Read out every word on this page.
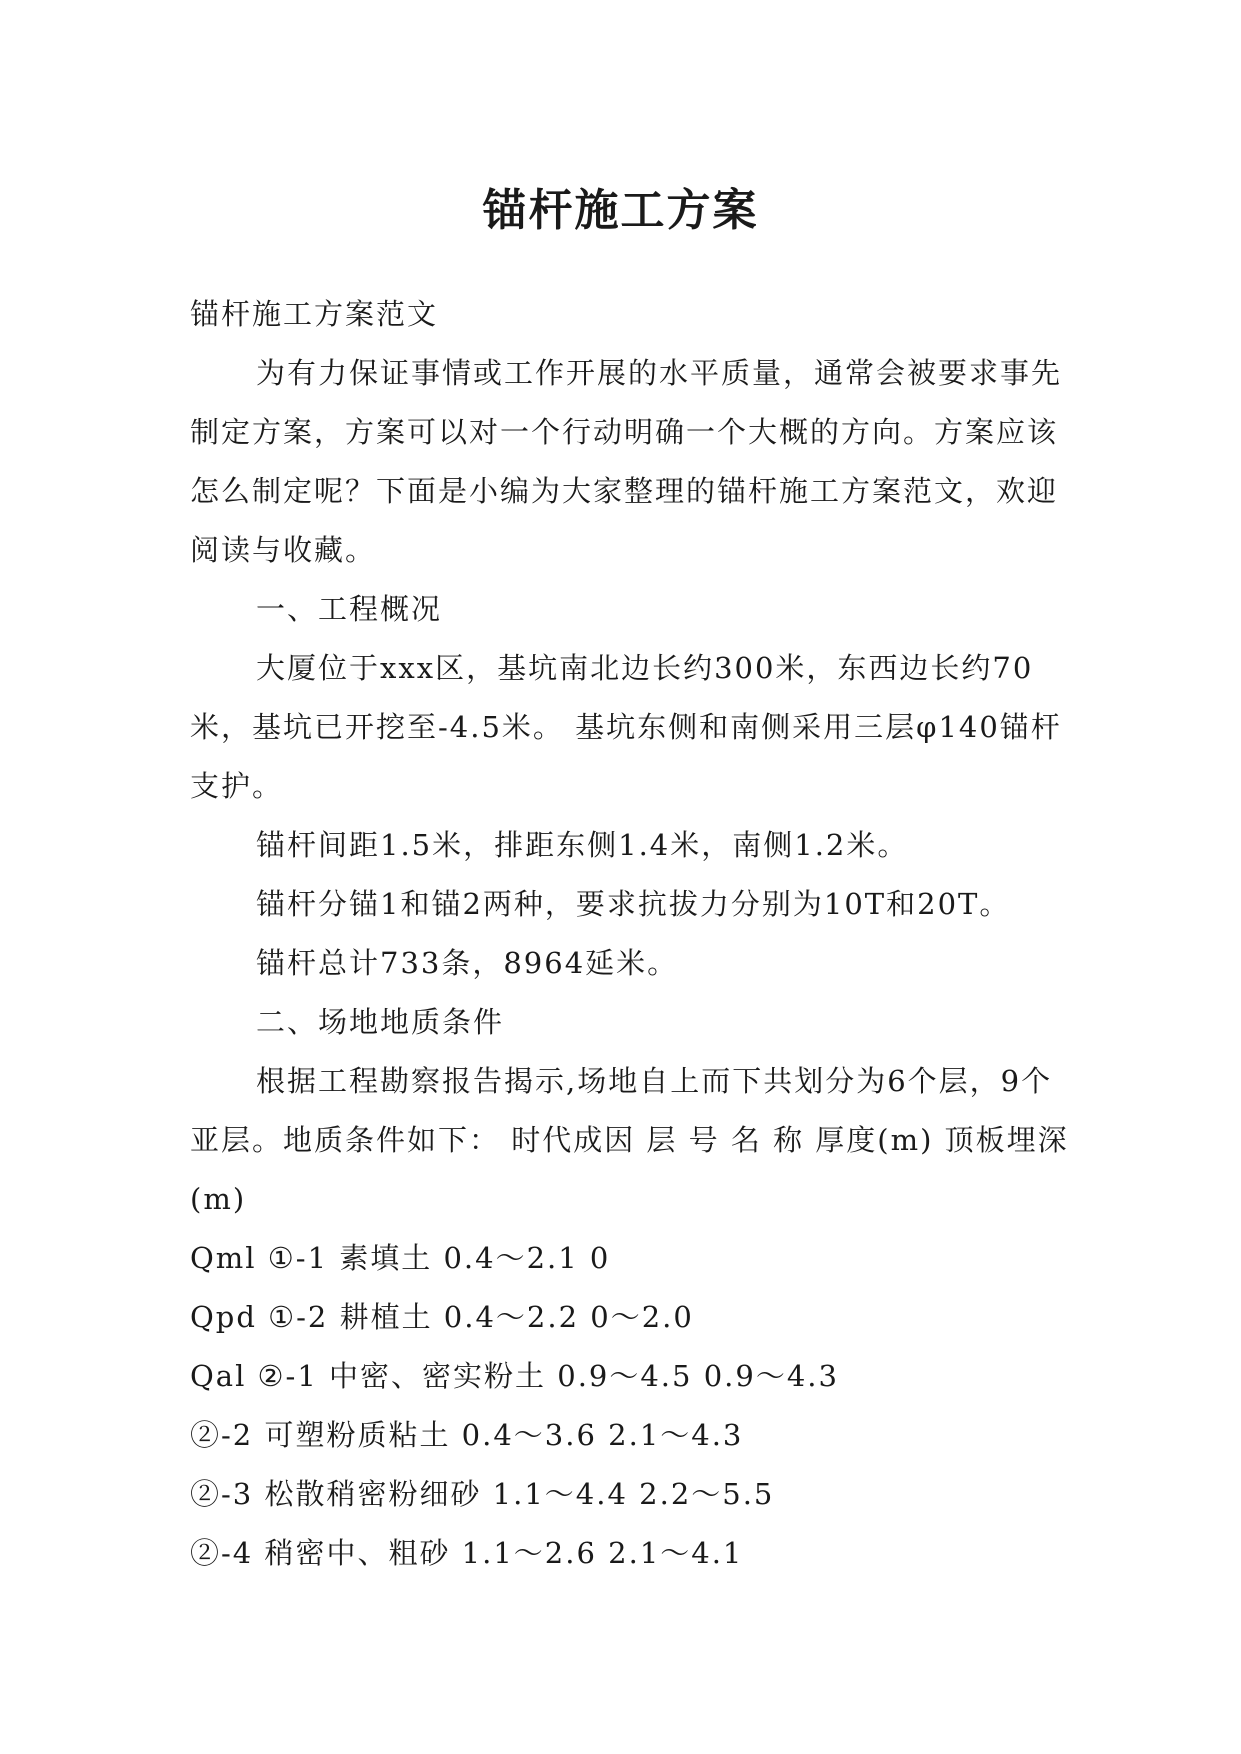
锚杆施工方案

锚杆施工方案范文

为有力保证事情或工作开展的水平质量，通常会被要求事先制定方案，方案可以对一个行动明确一个大概的方向。方案应该怎么制定呢？下面是小编为大家整理的锚杆施工方案范文，欢迎阅读与收藏。

一、工程概况

大厦位于xxx区，基坑南北边长约300米，东西边长约70米，基坑已开挖至-4.5米。 基坑东侧和南侧采用三层φ140锚杆支护。

锚杆间距1.5米，排距东侧1.4米，南侧1.2米。

锚杆分锚1和锚2两种，要求抗拔力分别为10T和20T。

锚杆总计733条，8964延米。

二、场地地质条件

根据工程勘察报告揭示,场地自上而下共划分为6个层，9个亚层。地质条件如下： 时代成因 层 号 名 称 厚度(m) 顶板埋深(m)

Qml ①-1 素填土 0.4～2.1 0

Qpd ①-2 耕植土 0.4～2.2 0～2.0

Qal ②-1 中密、密实粉土 0.9～4.5 0.9～4.3

②-2 可塑粉质粘土 0.4～3.6 2.1～4.3

②-3 松散稍密粉细砂 1.1～4.4 2.2～5.5

②-4 稍密中、粗砂 1.1～2.6 2.1～4.1
